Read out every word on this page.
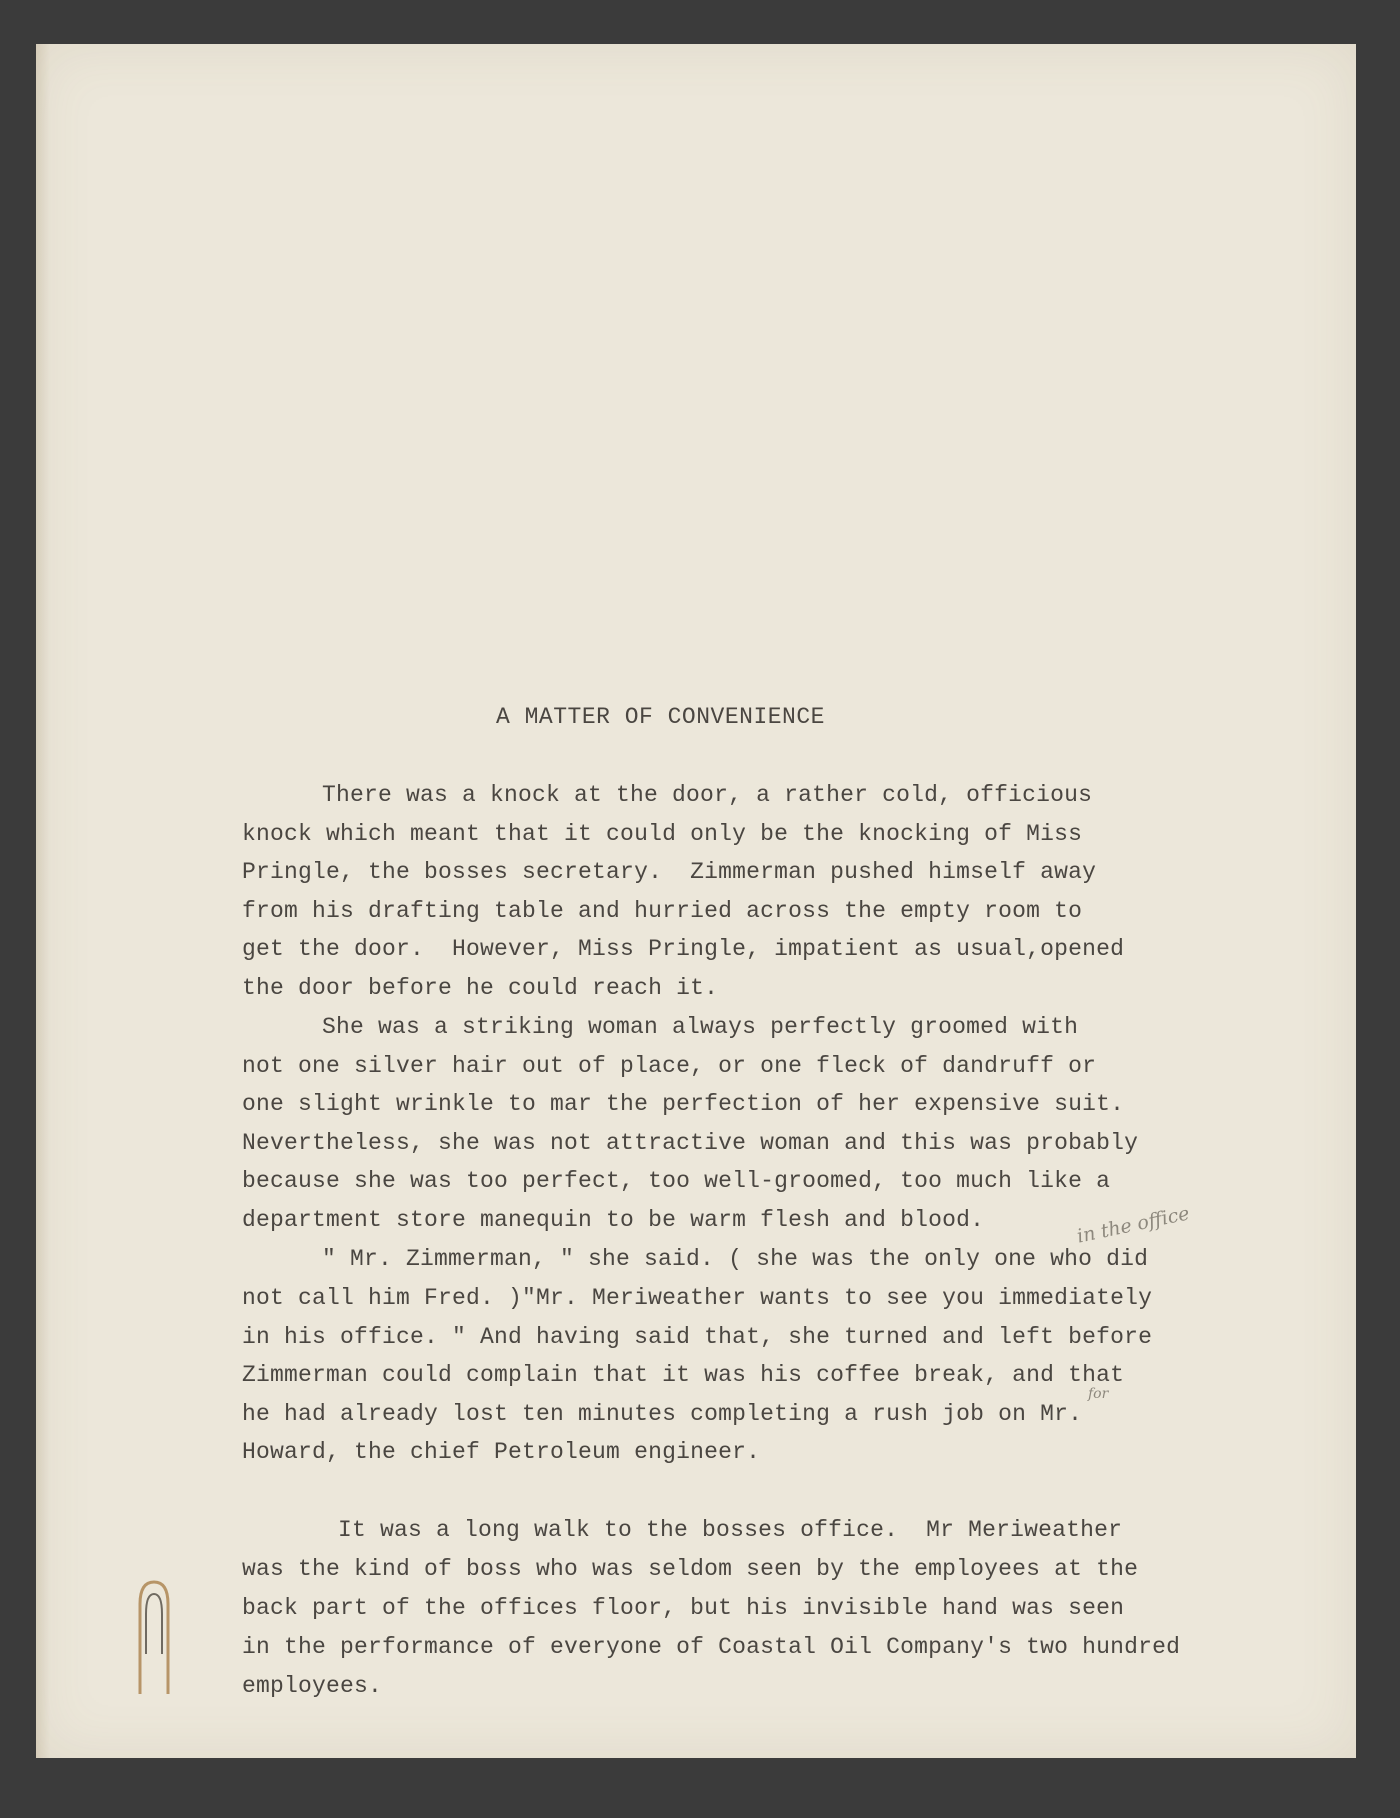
A MATTER OF CONVENIENCE
There was a knock at the door, a rather cold, officious
knock which meant that it could only be the knocking of Miss
Pringle, the bosses secretary.  Zimmerman pushed himself away
from his drafting table and hurried across the empty room to
get the door.  However, Miss Pringle, impatient as usual,opened
the door before he could reach it.
She was a striking woman always perfectly groomed with
not one silver hair out of place, or one fleck of dandruff or
one slight wrinkle to mar the perfection of her expensive suit.
Nevertheless, she was not attractive woman and this was probably
because she was too perfect, too well-groomed, too much like a
department store manequin to be warm flesh and blood.
" Mr. Zimmerman, " she said. ( she was the only one who did
not call him Fred. )"Mr. Meriweather wants to see you immediately
in his office. " And having said that, she turned and left before
Zimmerman could complain that it was his coffee break, and that
he had already lost ten minutes completing a rush job on Mr.
Howard, the chief Petroleum engineer.
It was a long walk to the bosses office.  Mr Meriweather
was the kind of boss who was seldom seen by the employees at the
back part of the offices floor, but his invisible hand was seen
in the performance of everyone of Coastal Oil Company's two hundred
employees.
in the office
for
